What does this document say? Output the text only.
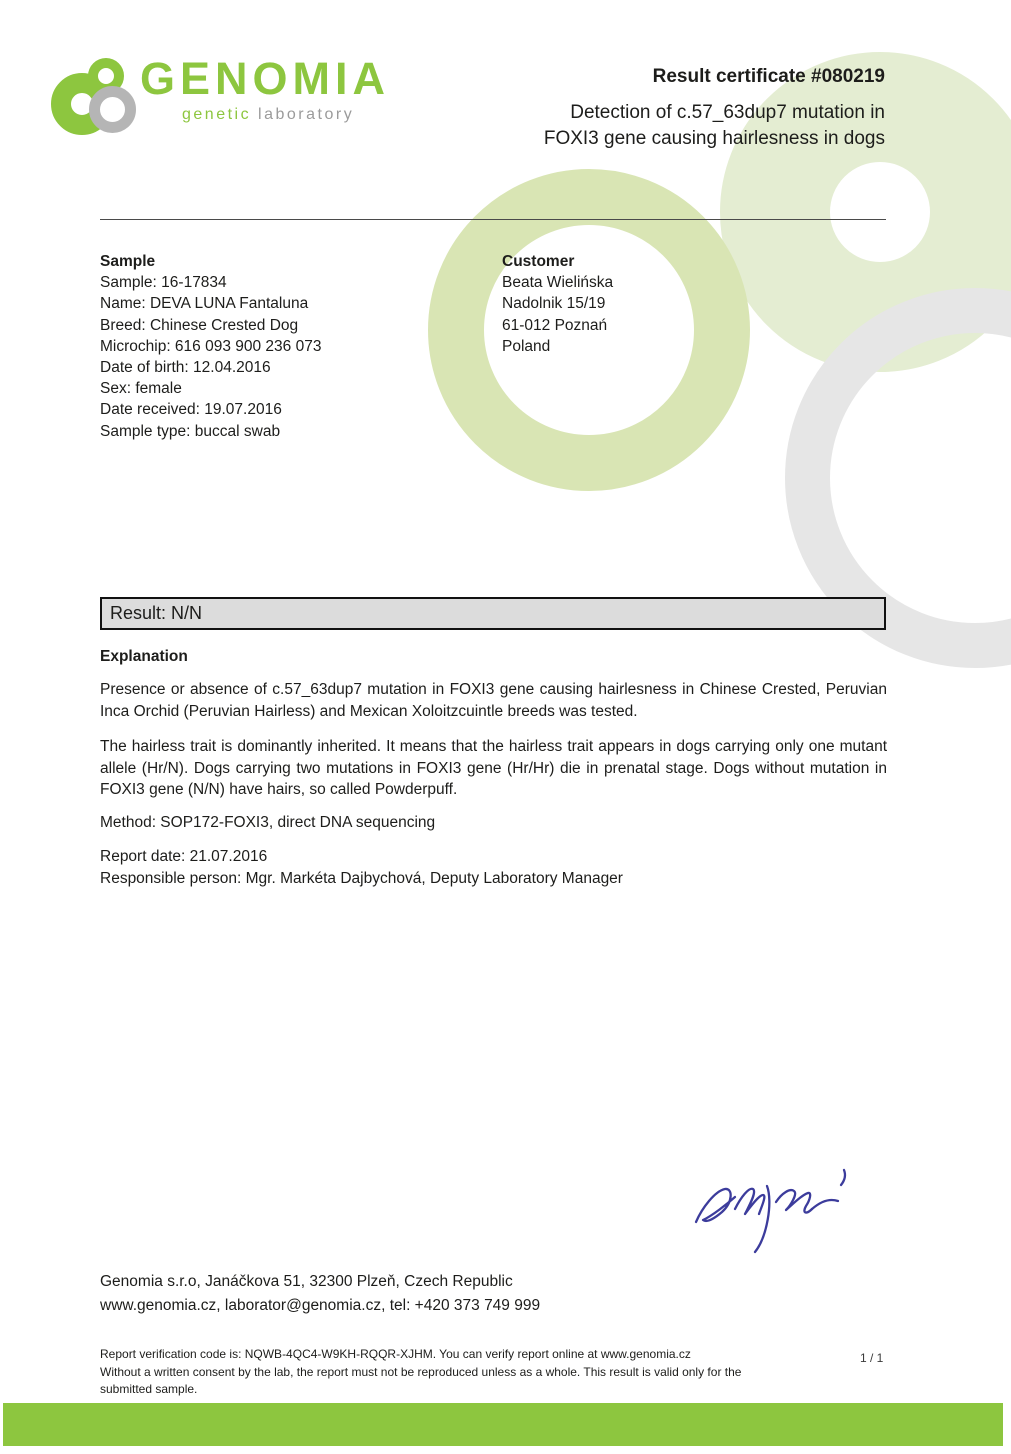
GENOMIA
genetic laboratory
Result certificate #080219
Detection of c.57_63dup7 mutation in FOXI3 gene causing hairlesness in dogs
Sample
Sample: 16-17834
Name: DEVA LUNA Fantaluna
Breed: Chinese Crested Dog
Microchip: 616 093 900 236 073
Date of birth: 12.04.2016
Sex: female
Date received: 19.07.2016
Sample type: buccal swab
Customer
Beata Wielińska
Nadolnik 15/19
61-012 Poznań
Poland
Result: N/N
Explanation
Presence or absence of c.57_63dup7 mutation in FOXI3 gene causing hairlesness in Chinese Crested, Peruvian Inca Orchid (Peruvian Hairless) and Mexican Xoloitzcuintle breeds was tested.
The hairless trait is dominantly inherited. It means that the hairless trait appears in dogs carrying only one mutant allele (Hr/N). Dogs carrying two mutations in FOXI3 gene (Hr/Hr) die in prenatal stage. Dogs without mutation in FOXI3 gene (N/N) have hairs, so called Powderpuff.
Method: SOP172-FOXI3, direct DNA sequencing
Report date: 21.07.2016
Responsible person: Mgr. Markéta Dajbychová, Deputy Laboratory Manager
Genomia s.r.o, Janáčkova 51, 32300 Plzeň, Czech Republic
www.genomia.cz, laborator@genomia.cz, tel: +420 373 749 999
Report verification code is: NQWB-4QC4-W9KH-RQQR-XJHM. You can verify report online at www.genomia.cz
Without a written consent by the lab, the report must not be reproduced unless as a whole. This result is valid only for the submitted sample.
1 / 1
